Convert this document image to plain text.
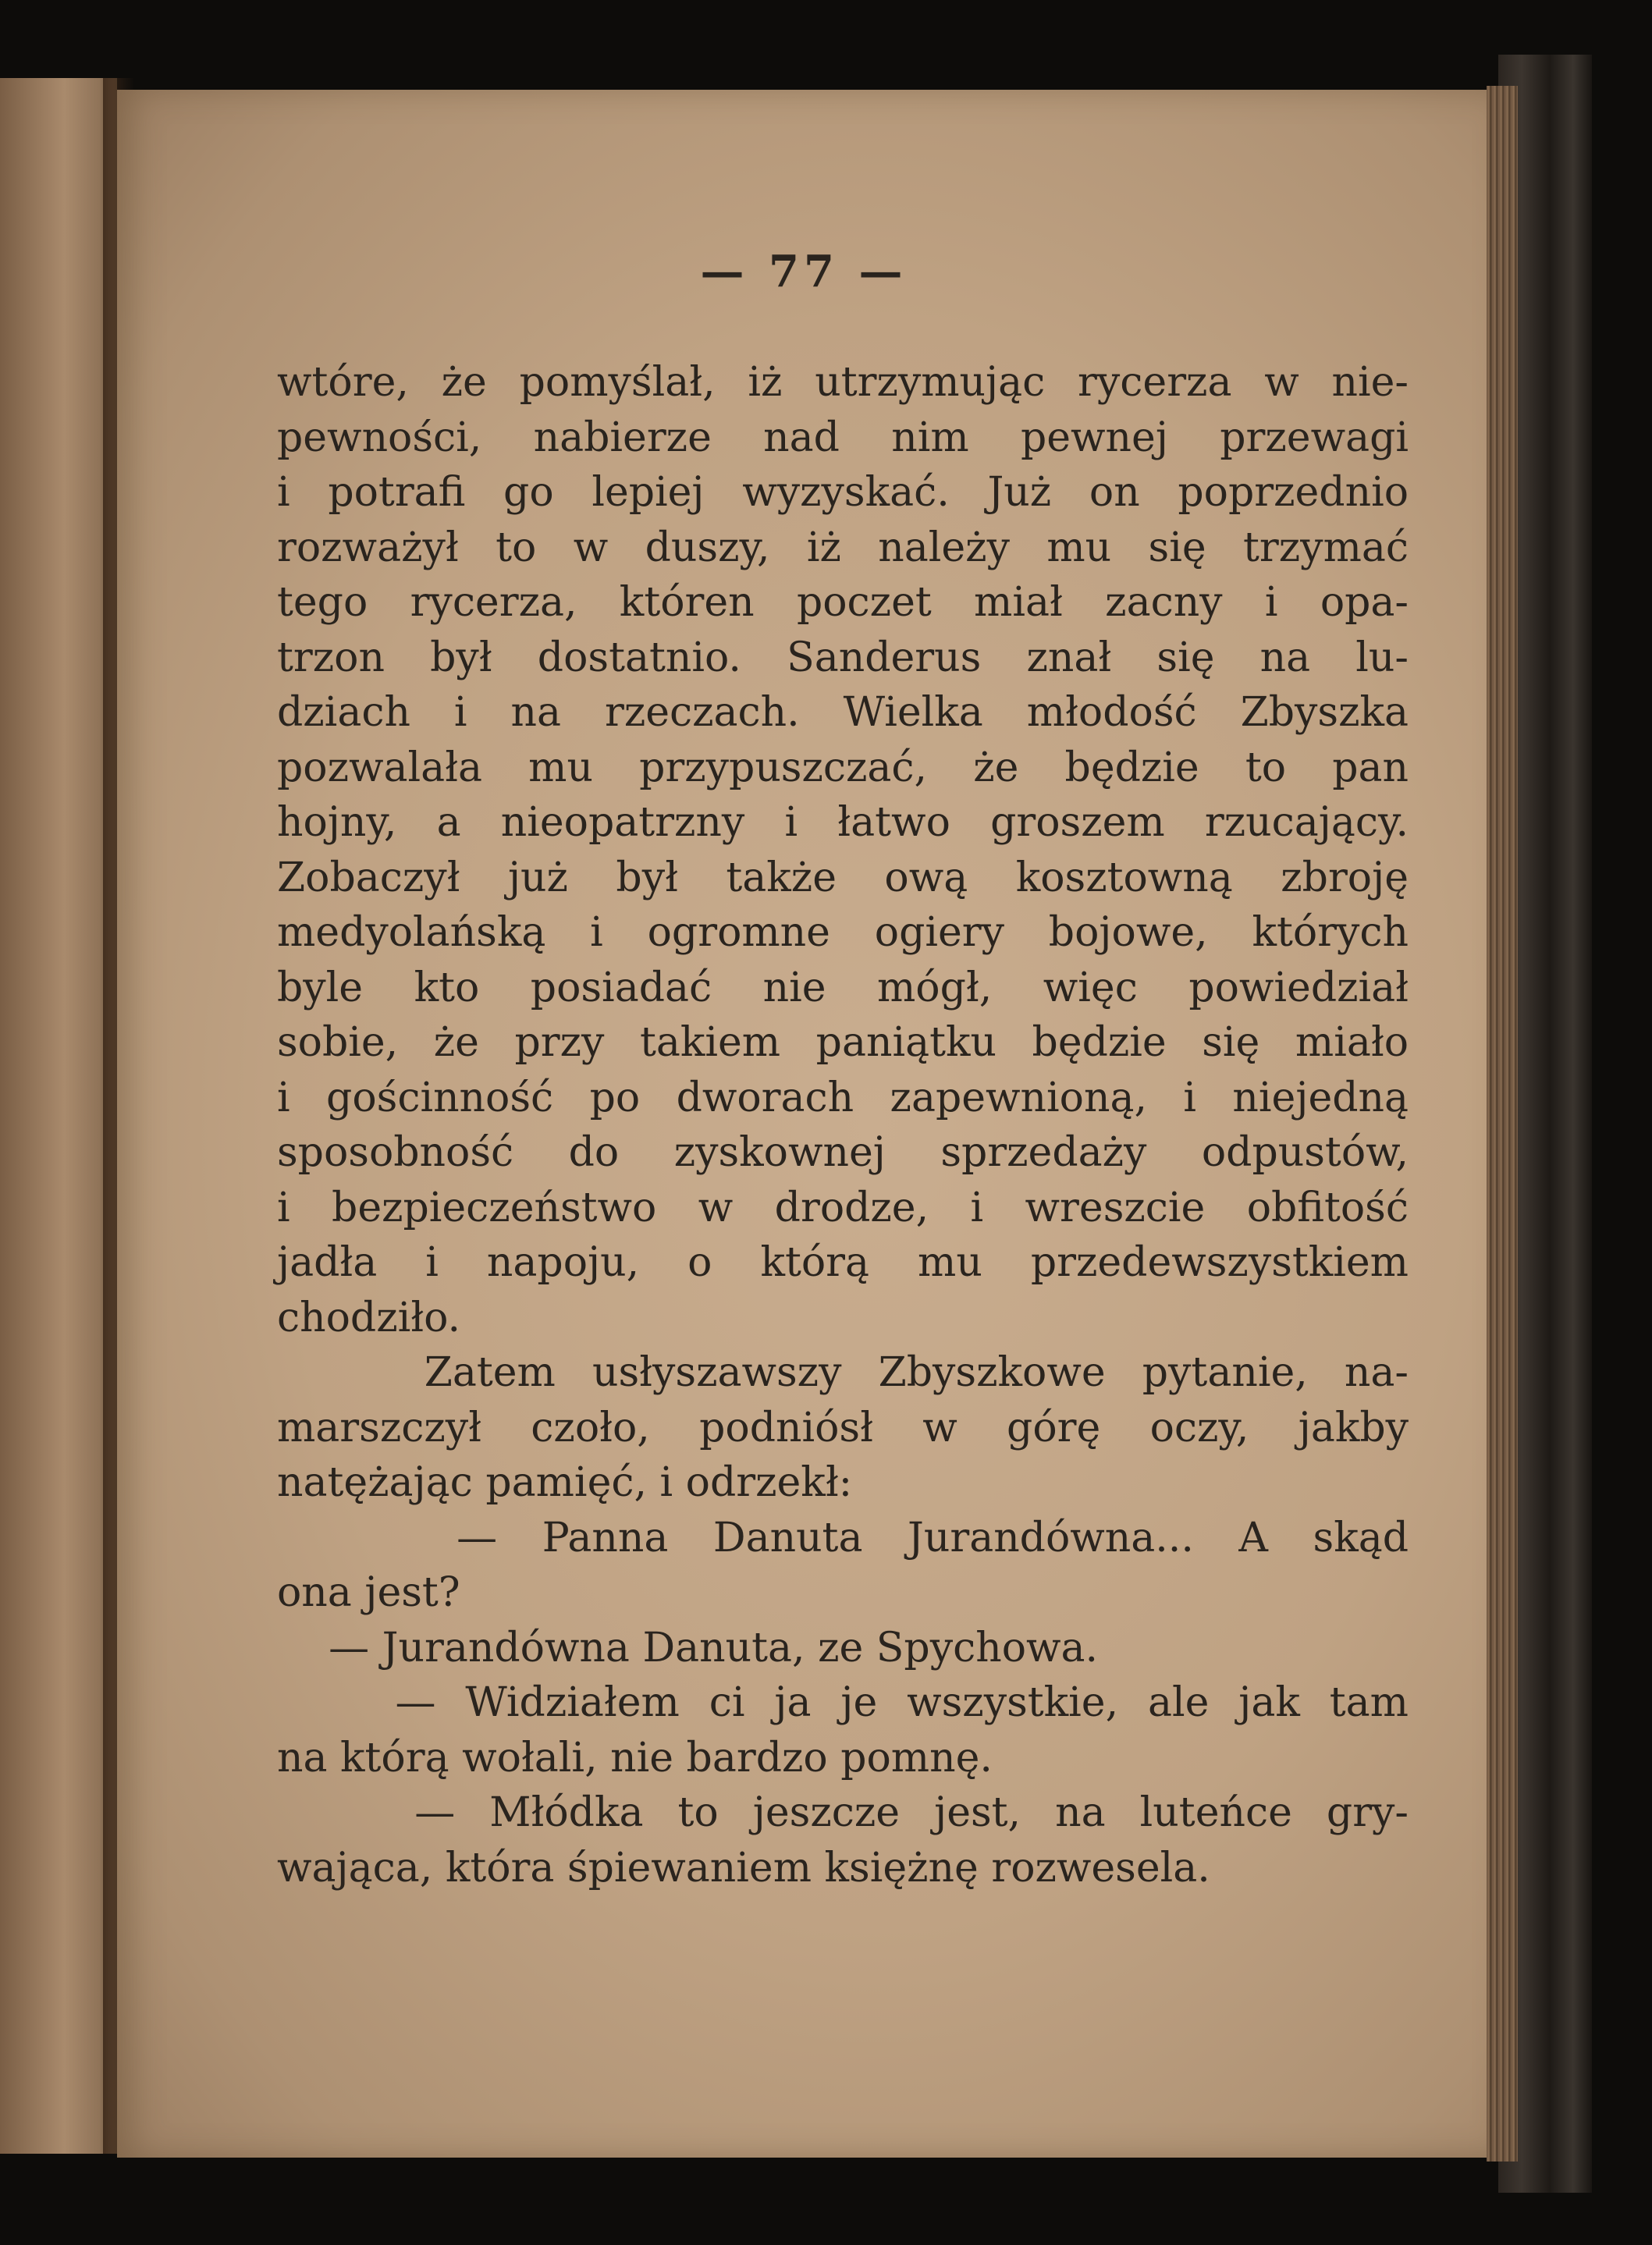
— 77 —
wtóre, że pomyślał, iż utrzymując rycerza w nie-
pewności, nabierze nad nim pewnej przewagi
i potrafi go lepiej wyzyskać. Już on poprzednio
rozważył to w duszy, iż należy mu się trzymać
tego rycerza, któren poczet miał zacny i opa-
trzon był dostatnio. Sanderus znał się na lu-
dziach i na rzeczach. Wielka młodość Zbyszka
pozwalała mu przypuszczać, że będzie to pan
hojny, a nieopatrzny i łatwo groszem rzucający.
Zobaczył już był także ową kosztowną zbroję
medyolańską i ogromne ogiery bojowe, których
byle kto posiadać nie mógł, więc powiedział
sobie, że przy takiem paniątku będzie się miało
i gościnność po dworach zapewnioną, i niejedną
sposobność do zyskownej sprzedaży odpustów,
i bezpieczeństwo w drodze, i wreszcie obfitość
jadła i napoju, o którą mu przedewszystkiem
chodziło.
Zatem usłyszawszy Zbyszkowe pytanie, na-
marszczył czoło, podniósł w górę oczy, jakby
natężając pamięć, i odrzekł:
— Panna Danuta Jurandówna... A skąd
ona jest?
— Jurandówna Danuta, ze Spychowa.
— Widziałem ci ja je wszystkie, ale jak tam
na którą wołali, nie bardzo pomnę.
— Młódka to jeszcze jest, na luteńce gry-
wająca, która śpiewaniem księżnę rozwesela.
